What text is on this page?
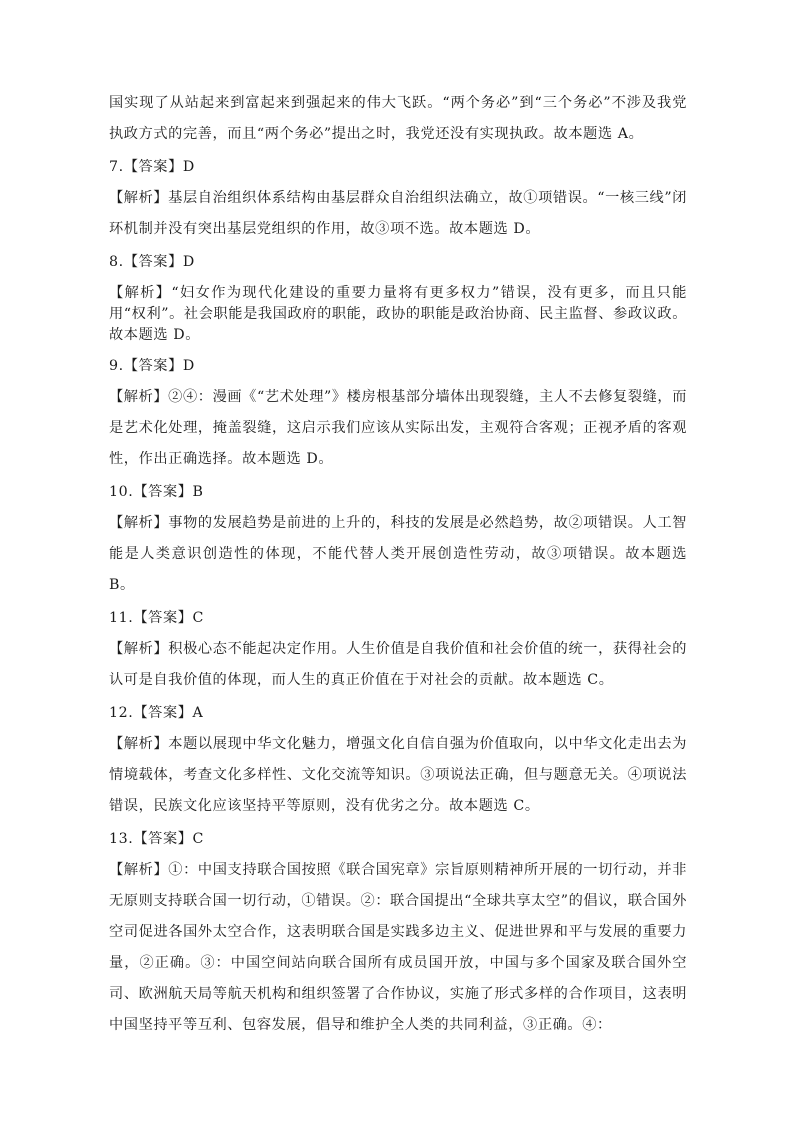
国实现了从站起来到富起来到强起来的伟大飞跃。“两个务必”到“三个务必”不涉及我党执政方式的完善，而且“两个务必”提出之时，我党还没有实现执政。故本题选 A。

7.【答案】D

【解析】基层自治组织体系结构由基层群众自治组织法确立，故①项错误。“一核三线”闭环机制并没有突出基层党组织的作用，故③项不选。故本题选 D。

8.【答案】D

【解析】“妇女作为现代化建设的重要力量将有更多权力”错误，没有更多，而且只能用“权利”。社会职能是我国政府的职能，政协的职能是政治协商、民主监督、参政议政。故本题选 D。

9.【答案】D

【解析】②④：漫画《“艺术处理”》楼房根基部分墙体出现裂缝，主人不去修复裂缝，而是艺术化处理，掩盖裂缝，这启示我们应该从实际出发，主观符合客观；正视矛盾的客观性，作出正确选择。故本题选 D。

10.【答案】B

【解析】事物的发展趋势是前进的上升的，科技的发展是必然趋势，故②项错误。人工智能是人类意识创造性的体现，不能代替人类开展创造性劳动，故③项错误。故本题选 B。

11.【答案】C

【解析】积极心态不能起决定作用。人生价值是自我价值和社会价值的统一，获得社会的认可是自我价值的体现，而人生的真正价值在于对社会的贡献。故本题选 C。

12.【答案】A

【解析】本题以展现中华文化魅力，增强文化自信自强为价值取向，以中华文化走出去为情境载体，考查文化多样性、文化交流等知识。③项说法正确，但与题意无关。④项说法错误，民族文化应该坚持平等原则，没有优劣之分。故本题选 C。

13.【答案】C

【解析】①：中国支持联合国按照《联合国宪章》宗旨原则精神所开展的一切行动，并非无原则支持联合国一切行动，①错误。②：联合国提出“全球共享太空”的倡议，联合国外空司促进各国外太空合作，这表明联合国是实践多边主义、促进世界和平与发展的重要力量，②正确。③：中国空间站向联合国所有成员国开放，中国与多个国家及联合国外空司、欧洲航天局等航天机构和组织签署了合作协议，实施了形式多样的合作项目，这表明中国坚持平等互利、包容发展，倡导和维护全人类的共同利益，③正确。④：
